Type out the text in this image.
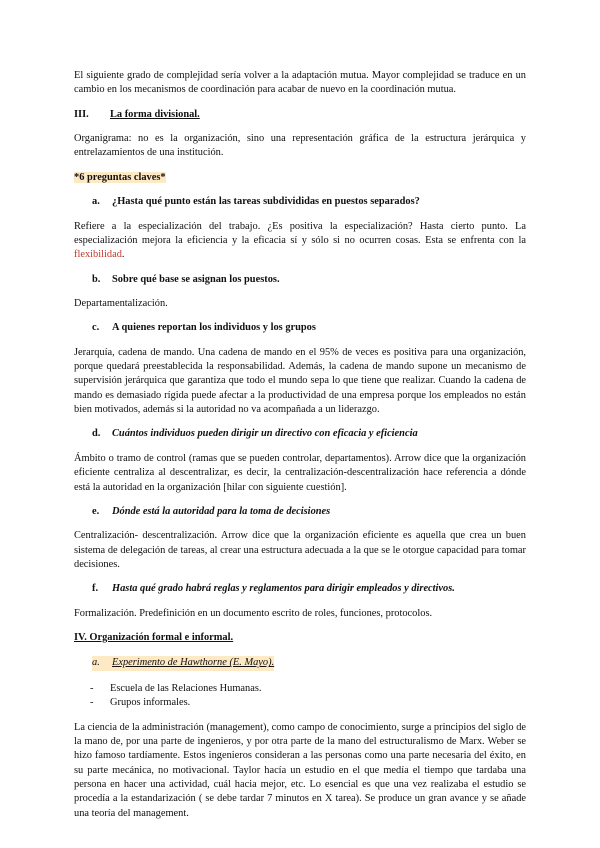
El siguiente grado de complejidad sería volver a la adaptación mutua. Mayor complejidad se traduce en un cambio en los mecanismos de coordinación para acabar de nuevo en la coordinación mutua.

III.	La forma divisional.

Organigrama: no es la organización, sino una representación gráfica de la estructura jerárquica y entrelazamientos de una institución.

*6 preguntas claves*

a.	¿Hasta qué punto están las tareas subdivididas en puestos separados?

Refiere a la especialización del trabajo. ¿Es positiva la especialización? Hasta cierto punto. La especialización mejora la eficiencia y la eficacia sí y sólo si no ocurren cosas. Esta se enfrenta con la flexibilidad.

b.	Sobre qué base se asignan los puestos.

Departamentalización.

c.	A quienes reportan los individuos y los grupos

Jerarquía, cadena de mando. Una cadena de mando en el 95% de veces es positiva para una organización, porque quedará preestablecida la responsabilidad. Además, la cadena de mando supone un mecanismo de supervisión jerárquica que garantiza que todo el mundo sepa lo que tiene que realizar. Cuando la cadena de mando es demasiado rígida puede afectar a la productividad de una empresa porque los empleados no están bien motivados, además si la autoridad no va acompañada a un liderazgo.

d.	Cuántos individuos pueden dirigir un directivo con eficacia y eficiencia

Ámbito o tramo de control (ramas que se pueden controlar, departamentos). Arrow dice que la organización eficiente centraliza al descentralizar, es decir, la centralización-descentralización hace referencia a dónde está la autoridad en la organización [hilar con siguiente cuestión].

e.	Dónde está la autoridad para la toma de decisiones

Centralización- descentralización. Arrow dice que la organización eficiente es aquella que crea un buen sistema de delegación de tareas, al crear una estructura adecuada a la que se le otorgue capacidad para tomar decisiones.

f.	Hasta qué grado habrá reglas y reglamentos para dirigir empleados y directivos.

Formalización. Predefinición en un documento escrito de roles, funciones, protocolos.

IV. Organización formal e informal.
a.	Experimento de Hawthorne (E. Mayo).
-	Escuela de las Relaciones Humanas.
-	Grupos informales.

La ciencia de la administración (management), como campo de conocimiento, surge a principios del siglo de la mano de, por una parte de ingenieros, y por otra parte de la mano del estructuralismo de Marx. Weber se hizo famoso tardíamente. Estos ingenieros consideran a las personas como una parte necesaria del éxito, en su parte mecánica, no motivacional. Taylor hacía un estudio en el que medía el tiempo que tardaba una persona en hacer una actividad, cuál hacia mejor, etc. Lo esencial es que una vez realizaba el estudio se procedía a la estandarización ( se debe tardar 7 minutos en X tarea). Se produce un gran avance y se añade una teoría del management.
